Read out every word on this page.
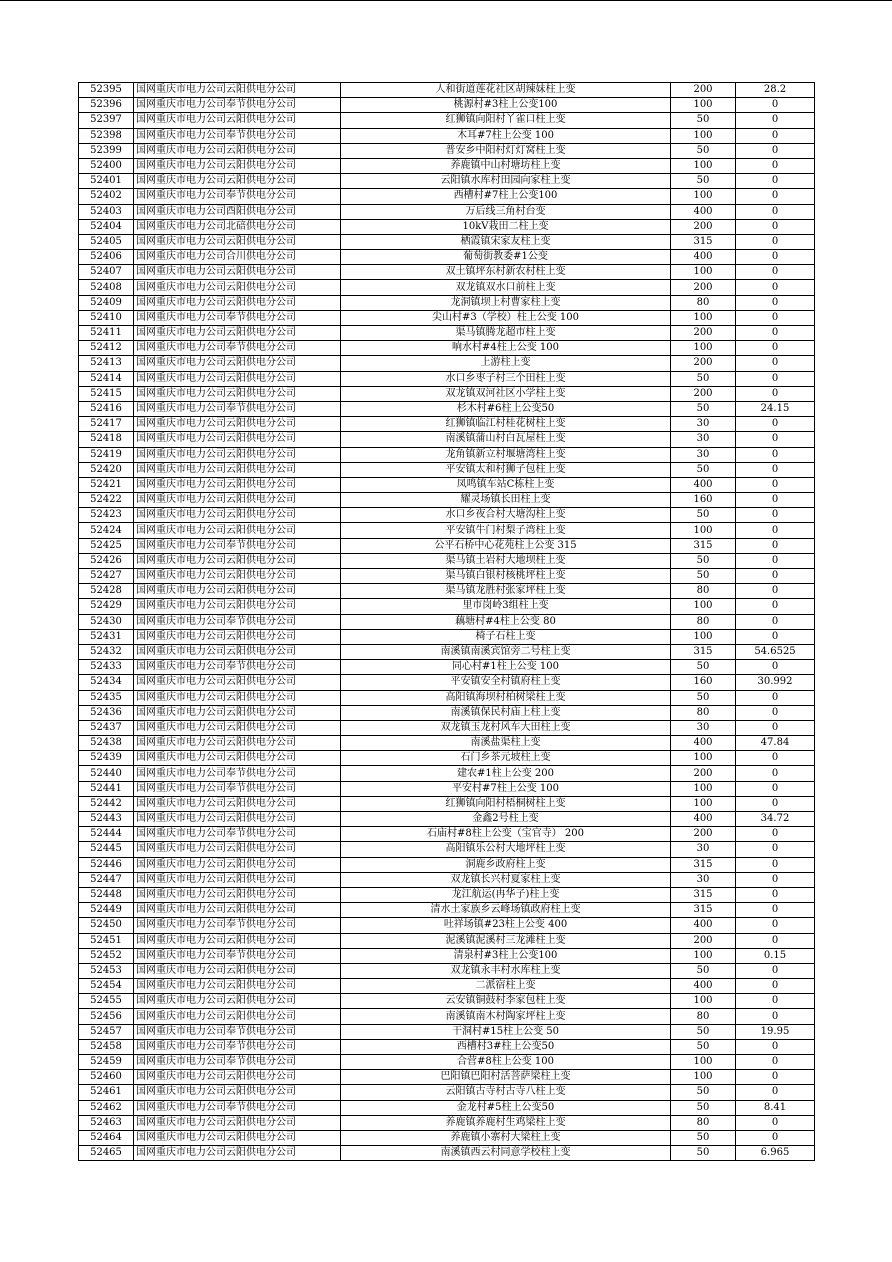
52395	国网重庆市电力公司云阳供电分公司	人和街道莲花社区胡辣妹柱上变	200	28.2
52396	国网重庆市电力公司奉节供电分公司	桃源村#3柱上公变100	100	0
52397	国网重庆市电力公司云阳供电分公司	红狮镇向阳村丫雀口柱上变	50	0
52398	国网重庆市电力公司奉节供电分公司	木耳#7柱上公变 100	100	0
52399	国网重庆市电力公司云阳供电分公司	普安乡中阳村灯灯窝柱上变	50	0
52400	国网重庆市电力公司云阳供电分公司	养鹿镇中山村塘坊柱上变	100	0
52401	国网重庆市电力公司云阳供电分公司	云阳镇水库村田园向家柱上变	50	0
52402	国网重庆市电力公司奉节供电分公司	西槽村#7柱上公变100	100	0
52403	国网重庆市电力公司酉阳供电分公司	万后线三角村台变	400	0
52404	国网重庆市电力公司北碚供电分公司	10kV栽田二柱上变	200	0
52405	国网重庆市电力公司云阳供电分公司	栖霞镇宋家友柱上变	315	0
52406	国网重庆市电力公司合川供电分公司	葡萄街教委#1公变	400	0
52407	国网重庆市电力公司云阳供电分公司	双土镇坪东村新农村柱上变	100	0
52408	国网重庆市电力公司云阳供电分公司	双龙镇双水口前柱上变	200	0
52409	国网重庆市电力公司云阳供电分公司	龙洞镇坝上村曹家柱上变	80	0
52410	国网重庆市电力公司奉节供电分公司	尖山村#3（学校）柱上公变 100	100	0
52411	国网重庆市电力公司云阳供电分公司	渠马镇腾龙超市柱上变	200	0
52412	国网重庆市电力公司奉节供电分公司	响水村#4柱上公变 100	100	0
52413	国网重庆市电力公司云阳供电分公司	上游柱上变	200	0
52414	国网重庆市电力公司云阳供电分公司	水口乡枣子村三个田柱上变	50	0
52415	国网重庆市电力公司云阳供电分公司	双龙镇双河社区小学柱上变	200	0
52416	国网重庆市电力公司奉节供电分公司	杉木村#6柱上公变50	50	24.15
52417	国网重庆市电力公司云阳供电分公司	红狮镇临江村桂花树柱上变	30	0
52418	国网重庆市电力公司云阳供电分公司	南溪镇蒲山村白瓦屋柱上变	30	0
52419	国网重庆市电力公司云阳供电分公司	龙角镇新立村堰塘湾柱上变	30	0
52420	国网重庆市电力公司云阳供电分公司	平安镇太和村狮子包柱上变	50	0
52421	国网重庆市电力公司云阳供电分公司	凤鸣镇车站C栋柱上变	400	0
52422	国网重庆市电力公司云阳供电分公司	耀灵场镇长田柱上变	160	0
52423	国网重庆市电力公司云阳供电分公司	水口乡夜合村大塘沟柱上变	50	0
52424	国网重庆市电力公司云阳供电分公司	平安镇牛门村梨子湾柱上变	100	0
52425	国网重庆市电力公司奉节供电分公司	公平石桥中心花苑柱上公变 315	315	0
52426	国网重庆市电力公司云阳供电分公司	渠马镇土岩村大地坝柱上变	50	0
52427	国网重庆市电力公司云阳供电分公司	渠马镇白银村核桃坪柱上变	50	0
52428	国网重庆市电力公司云阳供电分公司	渠马镇龙胜村张家坪柱上变	80	0
52429	国网重庆市电力公司云阳供电分公司	里市岗岭3组柱上变	100	0
52430	国网重庆市电力公司奉节供电分公司	藕塘村#4柱上公变 80	80	0
52431	国网重庆市电力公司云阳供电分公司	椅子石柱上变	100	0
52432	国网重庆市电力公司云阳供电分公司	南溪镇南溪宾馆旁二号柱上变	315	54.6525
52433	国网重庆市电力公司奉节供电分公司	同心村#1柱上公变 100	50	0
52434	国网重庆市电力公司云阳供电分公司	平安镇安全村镇府柱上变	160	30.992
52435	国网重庆市电力公司云阳供电分公司	高阳镇海坝村柏树梁柱上变	50	0
52436	国网重庆市电力公司云阳供电分公司	南溪镇保民村庙上柱上变	80	0
52437	国网重庆市电力公司云阳供电分公司	双龙镇玉龙村风车大田柱上变	30	0
52438	国网重庆市电力公司云阳供电分公司	南溪盐渠柱上变	400	47.84
52439	国网重庆市电力公司云阳供电分公司	石门乡茶元坡柱上变	100	0
52440	国网重庆市电力公司奉节供电分公司	建农#1柱上公变 200	200	0
52441	国网重庆市电力公司奉节供电分公司	平安村#7柱上公变 100	100	0
52442	国网重庆市电力公司云阳供电分公司	红狮镇向阳村梧桐树柱上变	100	0
52443	国网重庆市电力公司云阳供电分公司	金鑫2号柱上变	400	34.72
52444	国网重庆市电力公司奉节供电分公司	石庙村#8柱上公变（宝官寺） 200	200	0
52445	国网重庆市电力公司云阳供电分公司	高阳镇乐公村大地坪柱上变	30	0
52446	国网重庆市电力公司云阳供电分公司	洞鹿乡政府柱上变	315	0
52447	国网重庆市电力公司云阳供电分公司	双龙镇长兴村夏家柱上变	30	0
52448	国网重庆市电力公司云阳供电分公司	龙江航运(冉华子)柱上变	315	0
52449	国网重庆市电力公司云阳供电分公司	清水土家族乡云峰场镇政府柱上变	315	0
52450	国网重庆市电力公司奉节供电分公司	吐祥场镇#23柱上公变 400	400	0
52451	国网重庆市电力公司云阳供电分公司	泥溪镇泥溪村三龙滩柱上变	200	0
52452	国网重庆市电力公司奉节供电分公司	清泉村#3柱上公变100	100	0.15
52453	国网重庆市电力公司云阳供电分公司	双龙镇永丰村水库柱上变	50	0
52454	国网重庆市电力公司云阳供电分公司	二派宿柱上变	400	0
52455	国网重庆市电力公司云阳供电分公司	云安镇铜鼓村李家包柱上变	100	0
52456	国网重庆市电力公司云阳供电分公司	南溪镇南木村陶家坪柱上变	80	0
52457	国网重庆市电力公司奉节供电分公司	干洞村#15柱上公变 50	50	19.95
52458	国网重庆市电力公司奉节供电分公司	西槽村3#柱上公变50	50	0
52459	国网重庆市电力公司奉节供电分公司	合营#8柱上公变 100	100	0
52460	国网重庆市电力公司云阳供电分公司	巴阳镇巴阳村活菩萨梁柱上变	100	0
52461	国网重庆市电力公司云阳供电分公司	云阳镇古寺村古寺八柱上变	50	0
52462	国网重庆市电力公司奉节供电分公司	金龙村#5柱上公变50	50	8.41
52463	国网重庆市电力公司云阳供电分公司	养鹿镇养鹿村生鸡梁柱上变	80	0
52464	国网重庆市电力公司云阳供电分公司	养鹿镇小寨村大梁柱上变	50	0
52465	国网重庆市电力公司云阳供电分公司	南溪镇西云村同意学校柱上变	50	6.965
